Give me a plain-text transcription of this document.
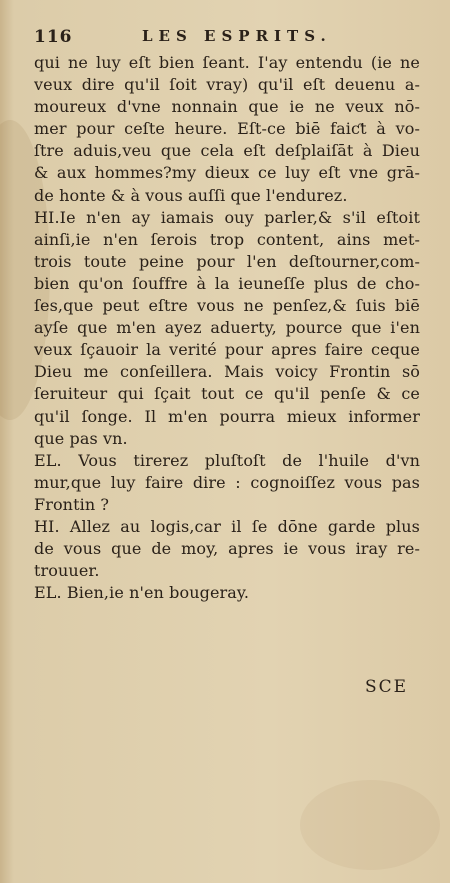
116	LES ESPRITS.
qui ne luy eſt bien ſeant. I'ay entendu (ie ne
veux dire qu'il ſoit vray) qu'il eſt deuenu a-
moureux d'vne nonnain que ie ne veux nō-
mer pour ceſte heure. Eſt-ce biē faiƈt à vo-
ſtre aduis,veu que cela eſt deſplaiſāt à Dieu
& aux hommes?my dieux ce luy eſt vne grā-
de honte & à vous auſſi que l'endurez.
HI.Ie n'en ay iamais ouy parler,& s'il eſtoit
ainſi,ie n'en ſerois trop content, ains met-
trois toute peine pour l'en deſtourner,com-
bien qu'on ſouffre à la ieuneſſe plus de cho-
ſes,que peut eſtre vous ne penſez,& ſuis biē
ayſe que m'en ayez aduerty, pource que i'en
veux ſçauoir la verité pour apres faire ceque
Dieu me conſeillera. Mais voicy Frontin sō
ſeruiteur qui ſçait tout ce qu'il penſe & ce
qu'il ſonge. Il m'en pourra mieux informer
que pas vn.
EL. Vous tirerez pluſtoſt de l'huile d'vn
mur,que luy faire dire : cognoiſſez vous pas
Frontin ?
HI. Allez au logis,car il ſe dōne garde plus
de vous que de moy, apres ie vous iray re-
trouuer.
EL. Bien,ie n'en bougeray.
SCE
